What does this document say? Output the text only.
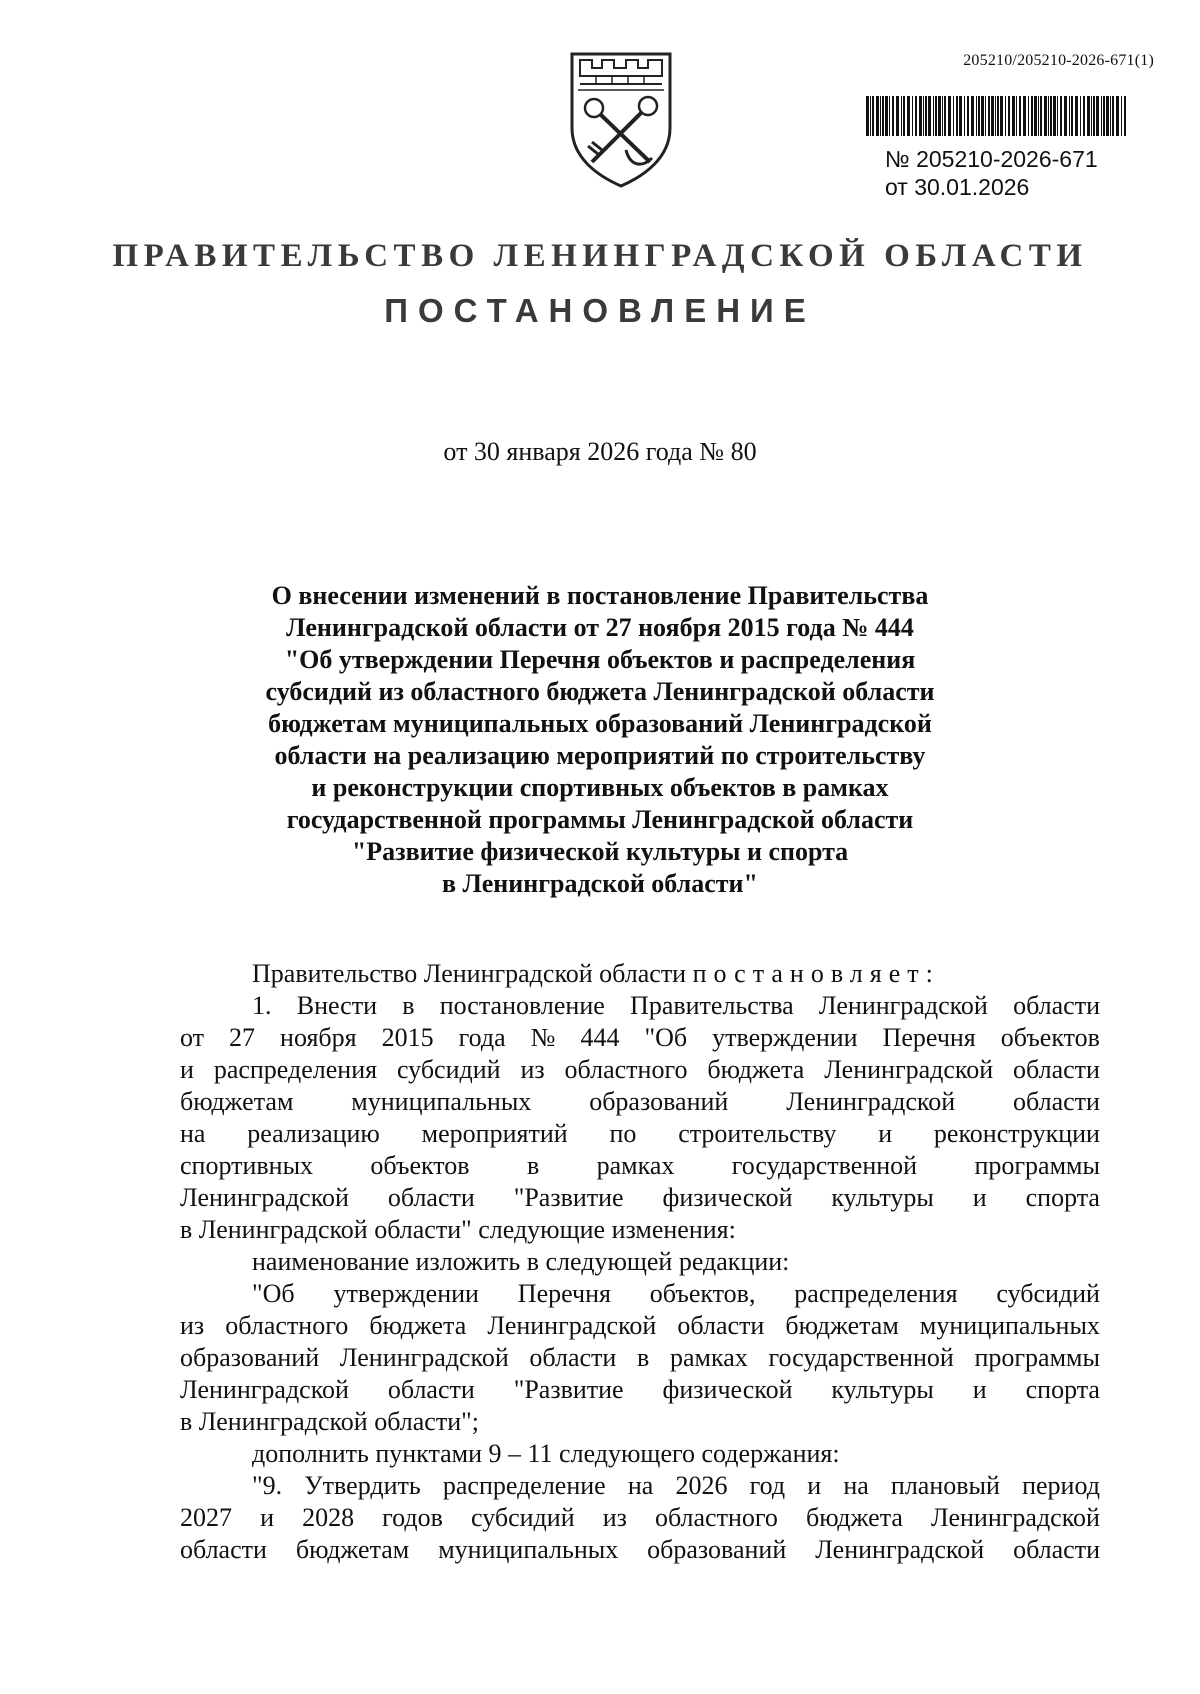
205210/205210-2026-671(1)
№ 205210-2026-671
от 30.01.2026
ПРАВИТЕЛЬСТВО ЛЕНИНГРАДСКОЙ ОБЛАСТИ
ПОСТАНОВЛЕНИЕ
от 30 января 2026 года № 80
О внесении изменений в постановление Правительства
Ленинградской области от 27 ноября 2015 года № 444
"Об утверждении Перечня объектов и распределения
субсидий из областного бюджета Ленинградской области
бюджетам муниципальных образований Ленинградской
области на реализацию мероприятий по строительству
и реконструкции спортивных объектов в рамках
государственной программы Ленинградской области
"Развитие физической культуры и спорта
в Ленинградской области"
Правительство Ленинградской области постановляет:
1. Внести в постановление Правительства Ленинградской области
от 27 ноября 2015 года № 444 "Об утверждении Перечня объектов
и распределения субсидий из областного бюджета Ленинградской области
бюджетам муниципальных образований Ленинградской области
на реализацию мероприятий по строительству и реконструкции
спортивных объектов в рамках государственной программы
Ленинградской области "Развитие физической культуры и спорта
в Ленинградской области" следующие изменения:
наименование изложить в следующей редакции:
"Об утверждении Перечня объектов, распределения субсидий
из областного бюджета Ленинградской области бюджетам муниципальных
образований Ленинградской области в рамках государственной программы
Ленинградской области "Развитие физической культуры и спорта
в Ленинградской области";
дополнить пунктами 9 – 11 следующего содержания:
"9. Утвердить распределение на 2026 год и на плановый период
2027 и 2028 годов субсидий из областного бюджета Ленинградской
области бюджетам муниципальных образований Ленинградской области
